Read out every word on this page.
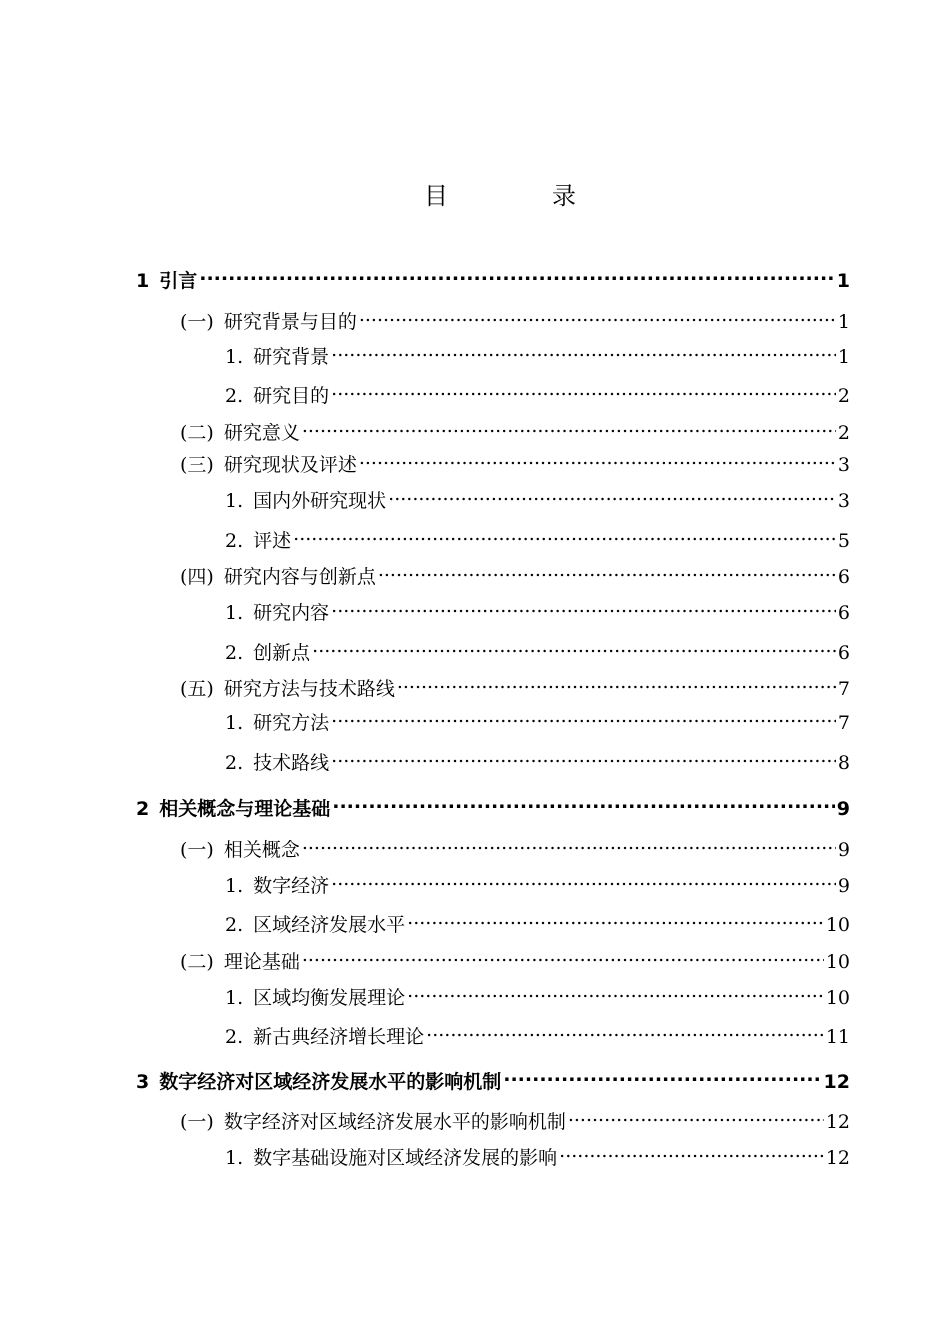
目　录
1 引言 .....	1
(一) 研究背景与目的 .....	1
1. 研究背景 .....	1
2. 研究目的 .....	2
(二) 研究意义 .....	2
(三) 研究现状及评述 .....	3
1. 国内外研究现状 .....	3
2. 评述 .....	5
(四) 研究内容与创新点 .....	6
1. 研究内容 .....	6
2. 创新点 .....	6
(五) 研究方法与技术路线 .....	7
1. 研究方法 .....	7
2. 技术路线 .....	8
2 相关概念与理论基础 .....	9
(一) 相关概念 .....	9
1. 数字经济 .....	9
2. 区域经济发展水平 .....	10
(二) 理论基础 .....	10
1. 区域均衡发展理论 .....	10
2. 新古典经济增长理论 .....	11
3 数字经济对区域经济发展水平的影响机制 .....	12
(一) 数字经济对区域经济发展水平的影响机制 .....	12
1. 数字基础设施对区域经济发展的影响 .....	12
